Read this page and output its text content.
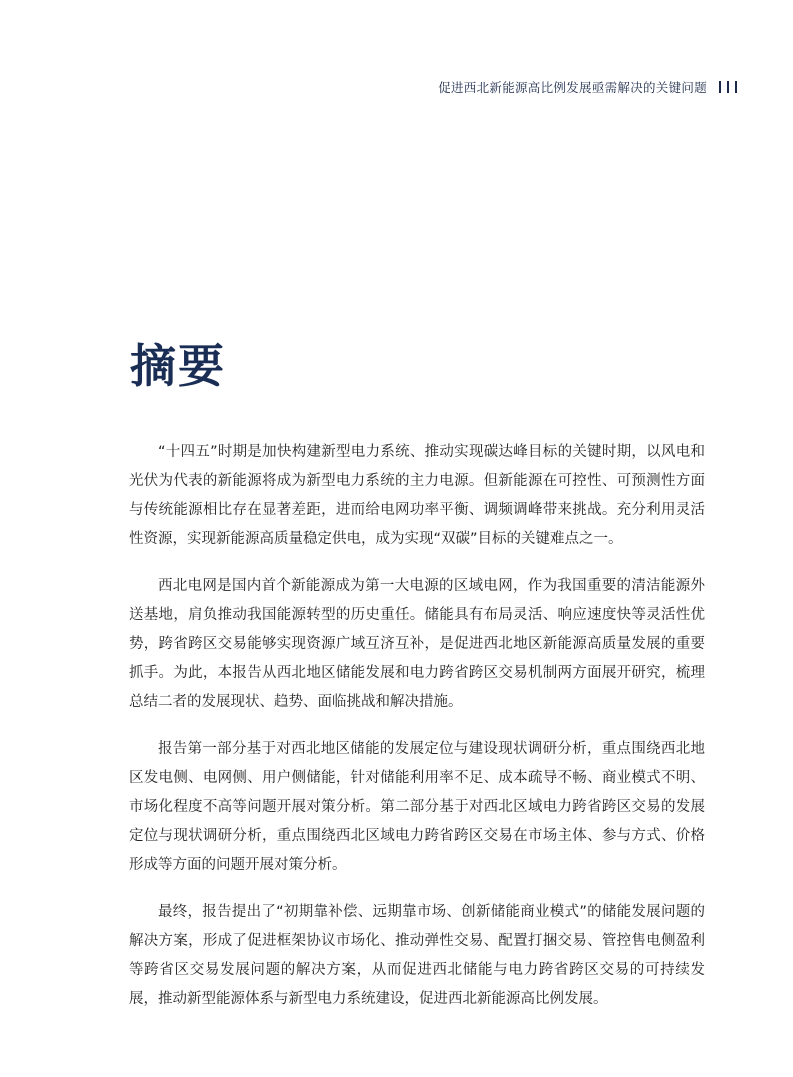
促进西北新能源高比例发展亟需解决的关键问题
摘要

“十四五”时期是加快构建新型电力系统、推动实现碳达峰目标的关键时期，以风电和光伏为代表的新能源将成为新型电力系统的主力电源。但新能源在可控性、可预测性方面与传统能源相比存在显著差距，进而给电网功率平衡、调频调峰带来挑战。充分利用灵活性资源，实现新能源高质量稳定供电，成为实现“双碳”目标的关键难点之一。

西北电网是国内首个新能源成为第一大电源的区域电网，作为我国重要的清洁能源外送基地，肩负推动我国能源转型的历史重任。储能具有布局灵活、响应速度快等灵活性优势，跨省跨区交易能够实现资源广域互济互补，是促进西北地区新能源高质量发展的重要抓手。为此，本报告从西北地区储能发展和电力跨省跨区交易机制两方面展开研究，梳理总结二者的发展现状、趋势、面临挑战和解决措施。

报告第一部分基于对西北地区储能的发展定位与建设现状调研分析，重点围绕西北地区发电侧、电网侧、用户侧储能，针对储能利用率不足、成本疏导不畅、商业模式不明、市场化程度不高等问题开展对策分析。第二部分基于对西北区域电力跨省跨区交易的发展定位与现状调研分析，重点围绕西北区域电力跨省跨区交易在市场主体、参与方式、价格形成等方面的问题开展对策分析。

最终，报告提出了“初期靠补偿、远期靠市场、创新储能商业模式”的储能发展问题的解决方案，形成了促进框架协议市场化、推动弹性交易、配置打捆交易、管控售电侧盈利等跨省区交易发展问题的解决方案，从而促进西北储能与电力跨省跨区交易的可持续发展，推动新型能源体系与新型电力系统建设，促进西北新能源高比例发展。
